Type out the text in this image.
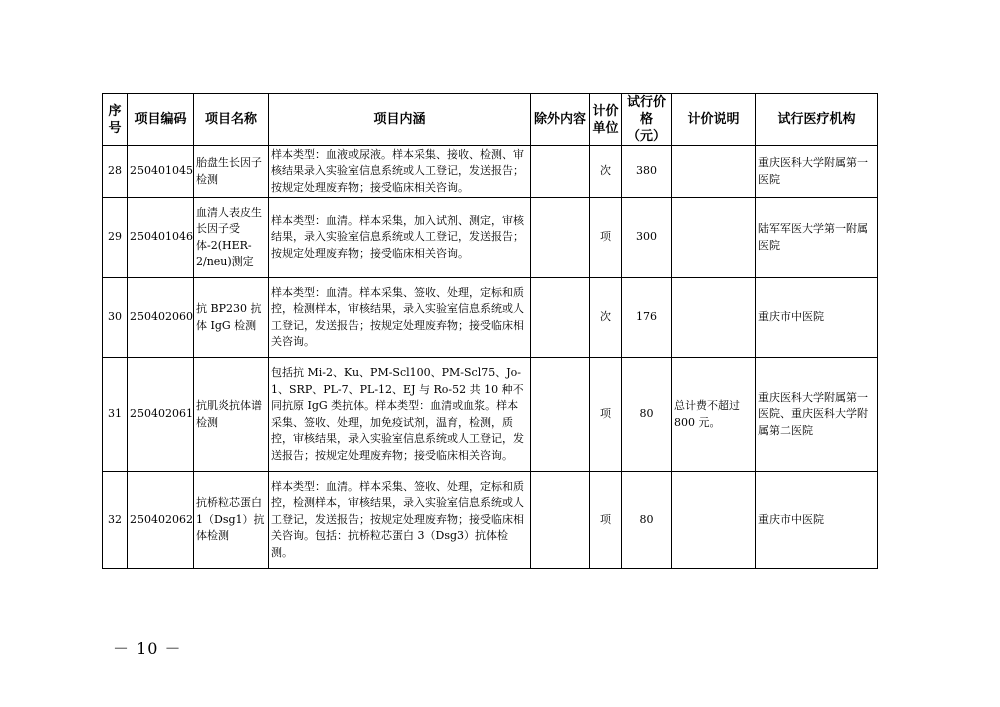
序号	项目编码	项目名称	项目内涵	除外内容	计价单位	试行价格（元）	计价说明	试行医疗机构
28	250401045	胎盘生长因子检测	样本类型：血液或尿液。样本采集、接收、检测、审核结果录入实验室信息系统或人工登记，发送报告；按规定处理废弃物；接受临床相关咨询。		次	380		重庆医科大学附属第一医院
29	250401046	血清人表皮生长因子受体-2(HER- 2/neu)测定	样本类型：血清。样本采集，加入试剂、测定，审核结果，录入实验室信息系统或人工登记，发送报告；按规定处理废弃物；接受临床相关咨询。		项	300		陆军军医大学第一附属医院
30	250402060	抗 BP230 抗体 IgG 检测	样本类型：血清。样本采集、签收、处理，定标和质控，检测样本，审核结果，录入实验室信息系统或人工登记，发送报告；按规定处理废弃物；接受临床相关咨询。		次	176		重庆市中医院
31	250402061	抗肌炎抗体谱检测	包括抗 Mi-2、Ku、PM-Scl100、PM-Scl75、Jo-1、SRP、PL-7、PL-12、EJ 与 Ro-52 共 10 种不同抗原 IgG 类抗体。样本类型：血清或血浆。样本采集、签收、处理，加免疫试剂，温育，检测，质控，审核结果，录入实验室信息系统或人工登记，发送报告；按规定处理废弃物；接受临床相关咨询。		项	80	总计费不超过 800 元。	重庆医科大学附属第一医院、重庆医科大学附属第二医院
32	250402062	抗桥粒芯蛋白 1（Dsg1）抗体检测	样本类型：血清。样本采集、签收、处理，定标和质控，检测样本，审核结果，录入实验室信息系统或人工登记，发送报告；按规定处理废弃物；接受临床相关咨询。包括：抗桥粒芯蛋白 3（Dsg3）抗体检测。		项	80		重庆市中医院
－ 10 －
